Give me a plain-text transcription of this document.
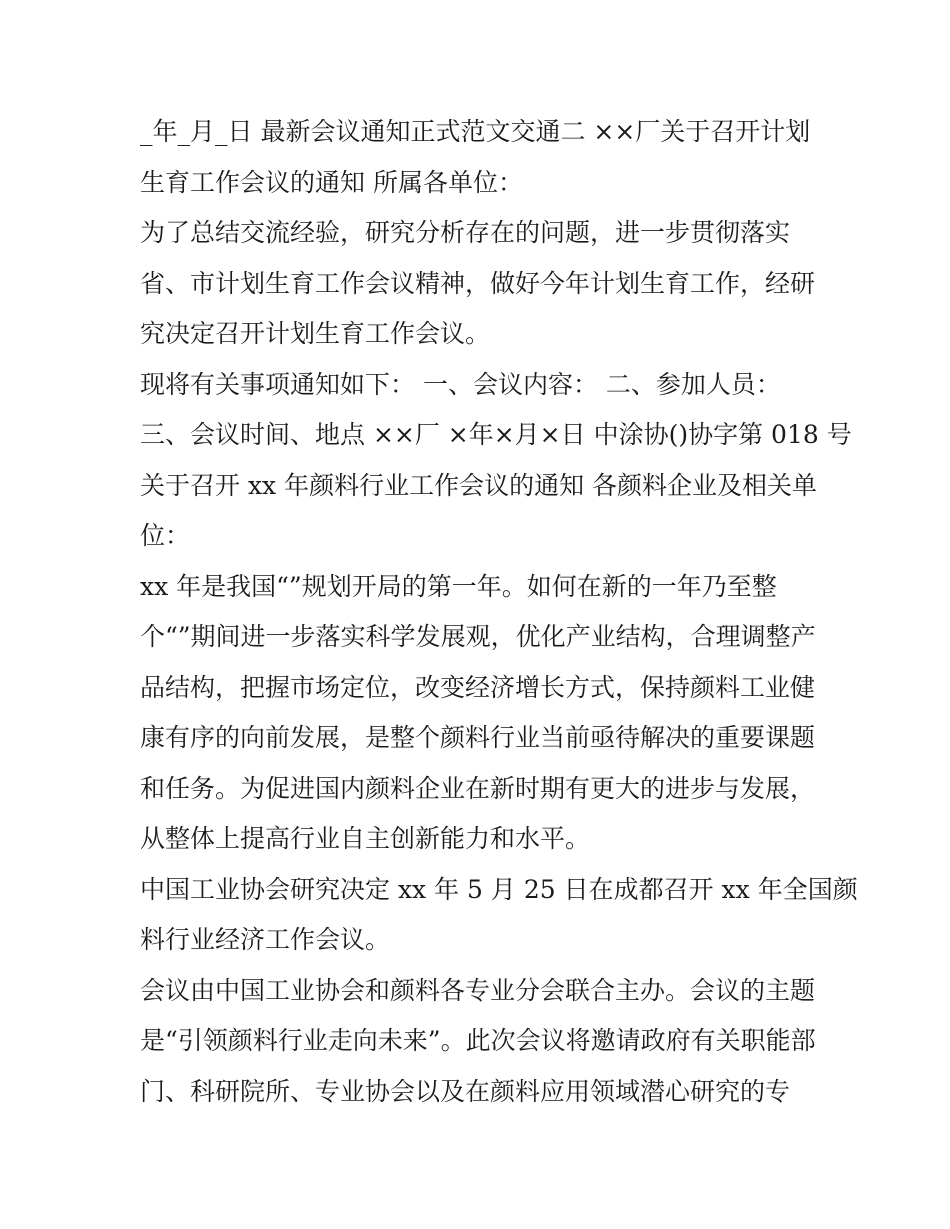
_年_月_日 最新会议通知正式范文交通二 ××厂关于召开计划
生育工作会议的通知 所属各单位：
为了总结交流经验，研究分析存在的问题，进一步贯彻落实
省、市计划生育工作会议精神，做好今年计划生育工作，经研
究决定召开计划生育工作会议。
现将有关事项通知如下： 一、会议内容： 二、参加人员：
三、会议时间、地点 ××厂 ×年×月×日 中涂协()协字第 018 号
关于召开 xx 年颜料行业工作会议的通知 各颜料企业及相关单
位：
xx 年是我国“”规划开局的第一年。如何在新的一年乃至整
个“”期间进一步落实科学发展观，优化产业结构，合理调整产
品结构，把握市场定位，改变经济增长方式，保持颜料工业健
康有序的向前发展，是整个颜料行业当前亟待解决的重要课题
和任务。为促进国内颜料企业在新时期有更大的进步与发展，
从整体上提高行业自主创新能力和水平。
中国工业协会研究决定 xx 年 5 月 25 日在成都召开 xx 年全国颜
料行业经济工作会议。
会议由中国工业协会和颜料各专业分会联合主办。会议的主题
是“引领颜料行业走向未来”。此次会议将邀请政府有关职能部
门、科研院所、专业协会以及在颜料应用领域潜心研究的专
